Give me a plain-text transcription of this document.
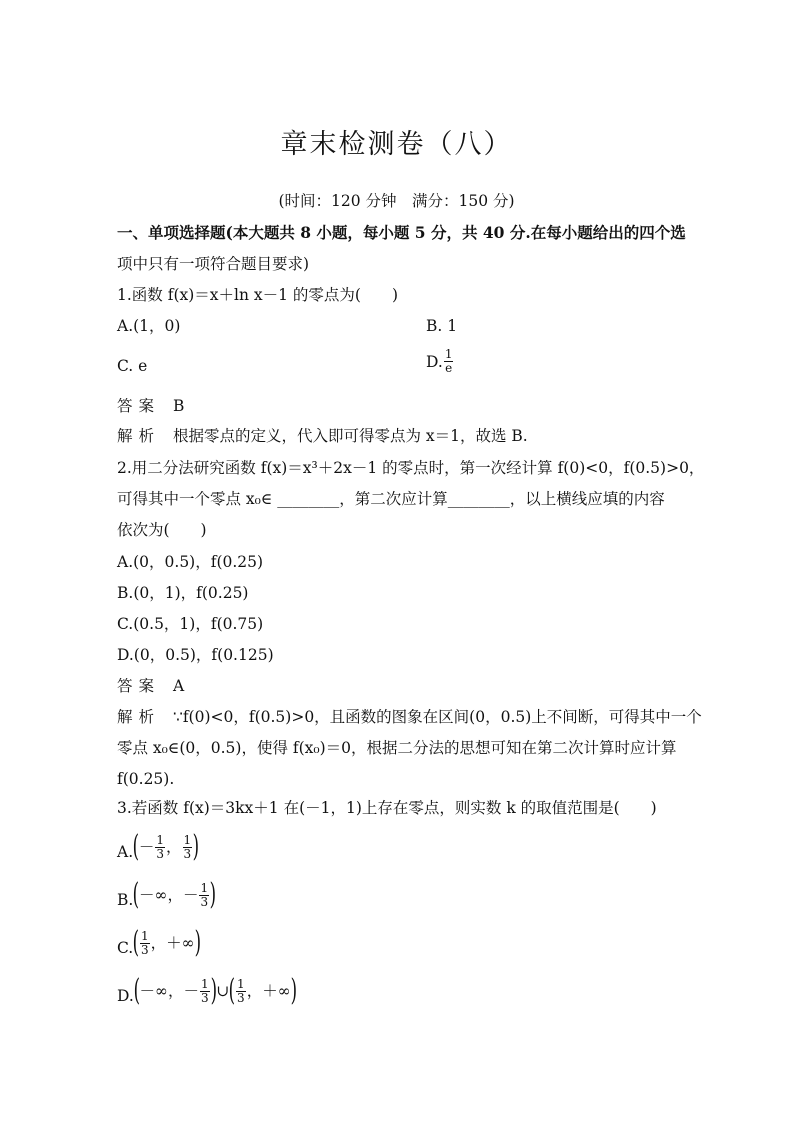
章末检测卷（八）
(时间：120 分钟　满分：150 分)
一、单项选择题(本大题共 8 小题，每小题 5 分，共 40 分.在每小题给出的四个选
项中只有一项符合题目要求)
1.函数 f(x)＝x＋ln x－1 的零点为(　　)
A.(1，0)	B. 1
C. e	D. $\frac{1}{e}$
答案 B
解析 根据零点的定义，代入即可得零点为 x＝1，故选 B.
2.用二分法研究函数 f(x)＝x³＋2x－1 的零点时，第一次经计算 f(0)<0，f(0.5)>0，
可得其中一个零点 x₀∈ ________，第二次应计算________，以上横线应填的内容
依次为(　　)
A.(0，0.5)，f(0.25)
B.(0，1)，f(0.25)
C.(0.5，1)，f(0.75)
D.(0，0.5)，f(0.125)
答案 A
解析 ∵f(0)<0，f(0.5)>0，且函数的图象在区间(0，0.5)上不间断，可得其中一个
零点 x₀∈(0，0.5)，使得 f(x₀)＝0，根据二分法的思想可知在第二次计算时应计算
f(0.25).
3.若函数 f(x)＝3kx＋1 在(－1，1)上存在零点，则实数 k 的取值范围是(　　)
A. ( － $\frac{1}{3}$ ， $\frac{1}{3}$ )
B. ( －∞， － $\frac{1}{3}$ )
C. ( $\frac{1}{3}$ ， ＋∞ )
D. ( －∞， － $\frac{1}{3}$ ) ∪ ( $\frac{1}{3}$ ， ＋∞ )
